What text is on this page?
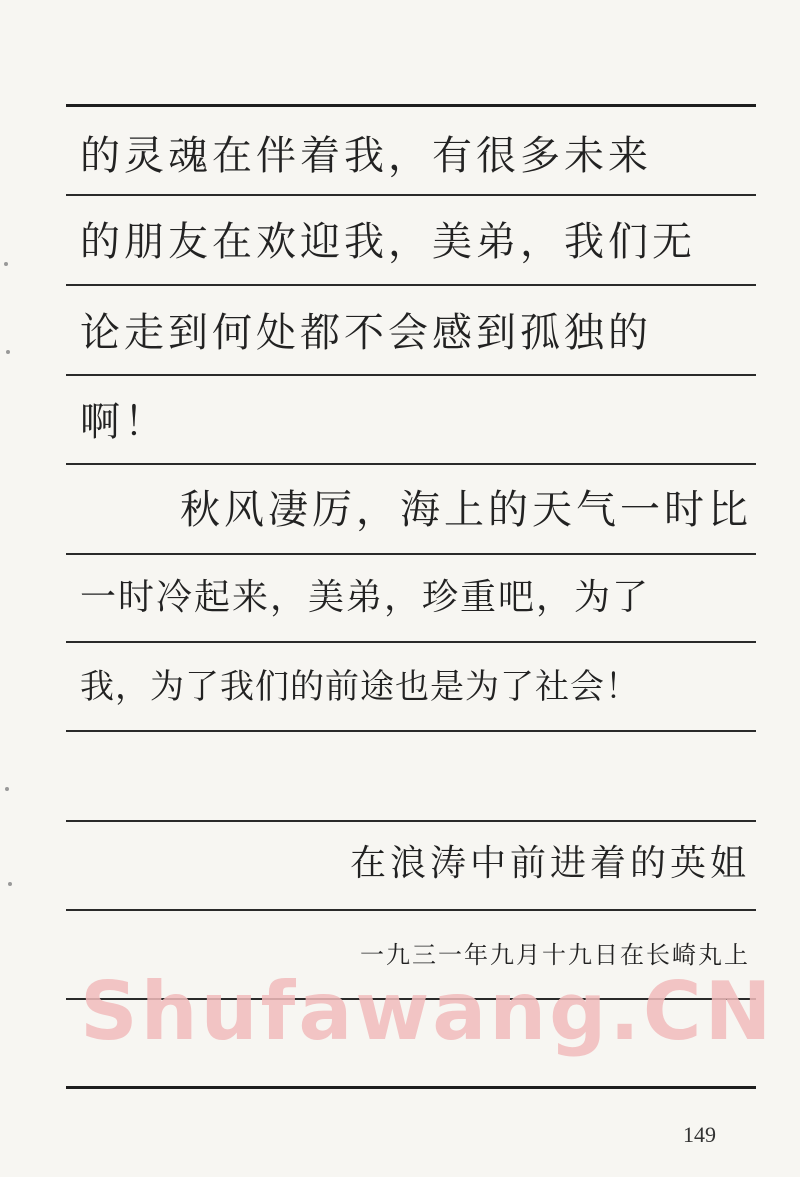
的灵魂在伴着我，有很多未来
的朋友在欢迎我，美弟，我们无
论走到何处都不会感到孤独的
啊！
秋风凄厉，海上的天气一时比
一时冷起来，美弟，珍重吧，为了
我，为了我们的前途也是为了社会！
在浪涛中前进着的英姐
一九三一年九月十九日在长崎丸上
Shufawang.CN
149
